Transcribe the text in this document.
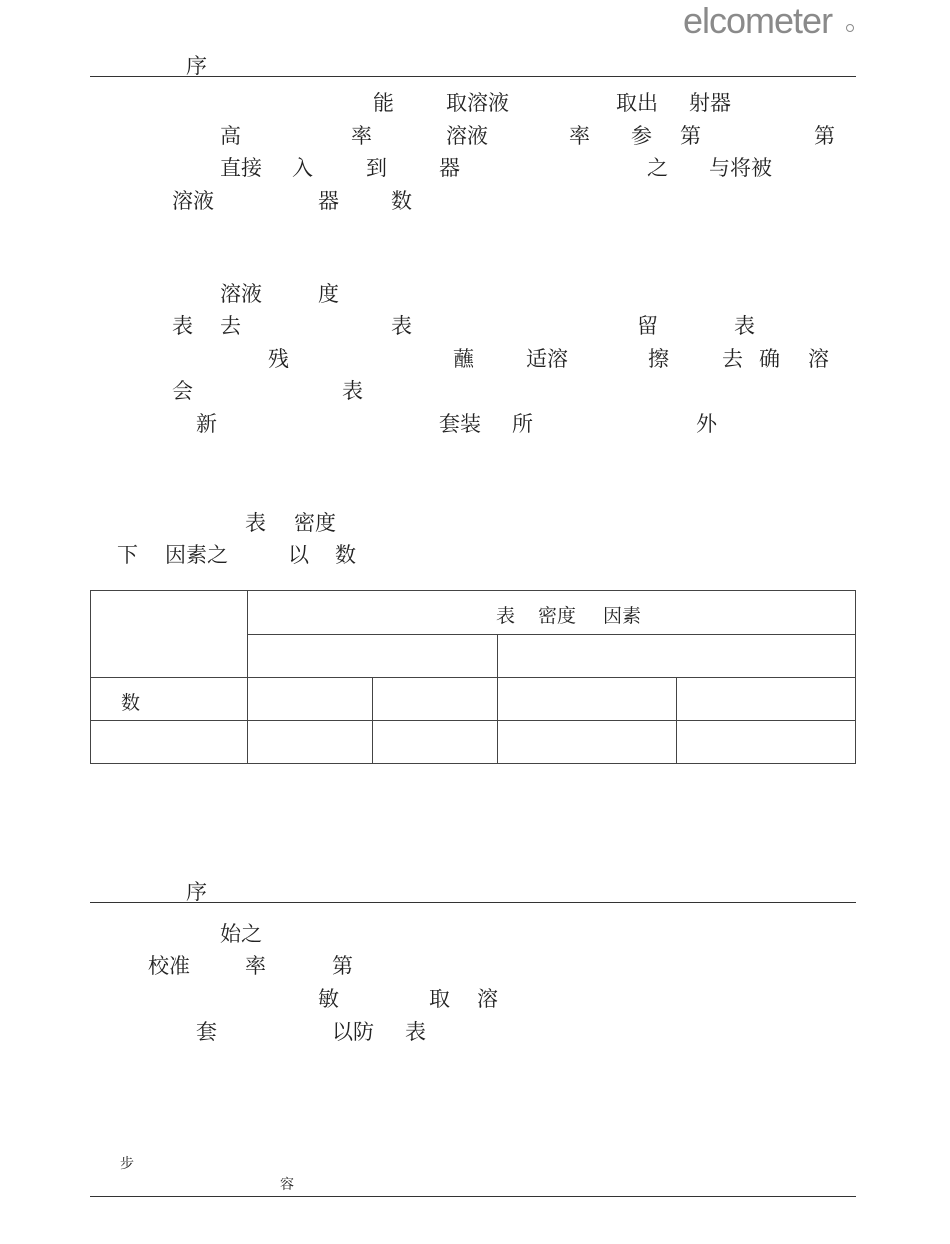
elcometer
序
能 取溶液	取出 射器
高	率	溶液	率 参 第	第
直接 入	到 器	之 与将被
溶液	器 数
溶液	度
表 去	表	留	表
残	蘸 适溶	擦	去 确 溶
会	表
新	套装 所	外
表 密度
下 因素之	以 数
表 密度 因素
数
序
始之
校准	率	第
敏	取 溶
套	以防 表
步
容
